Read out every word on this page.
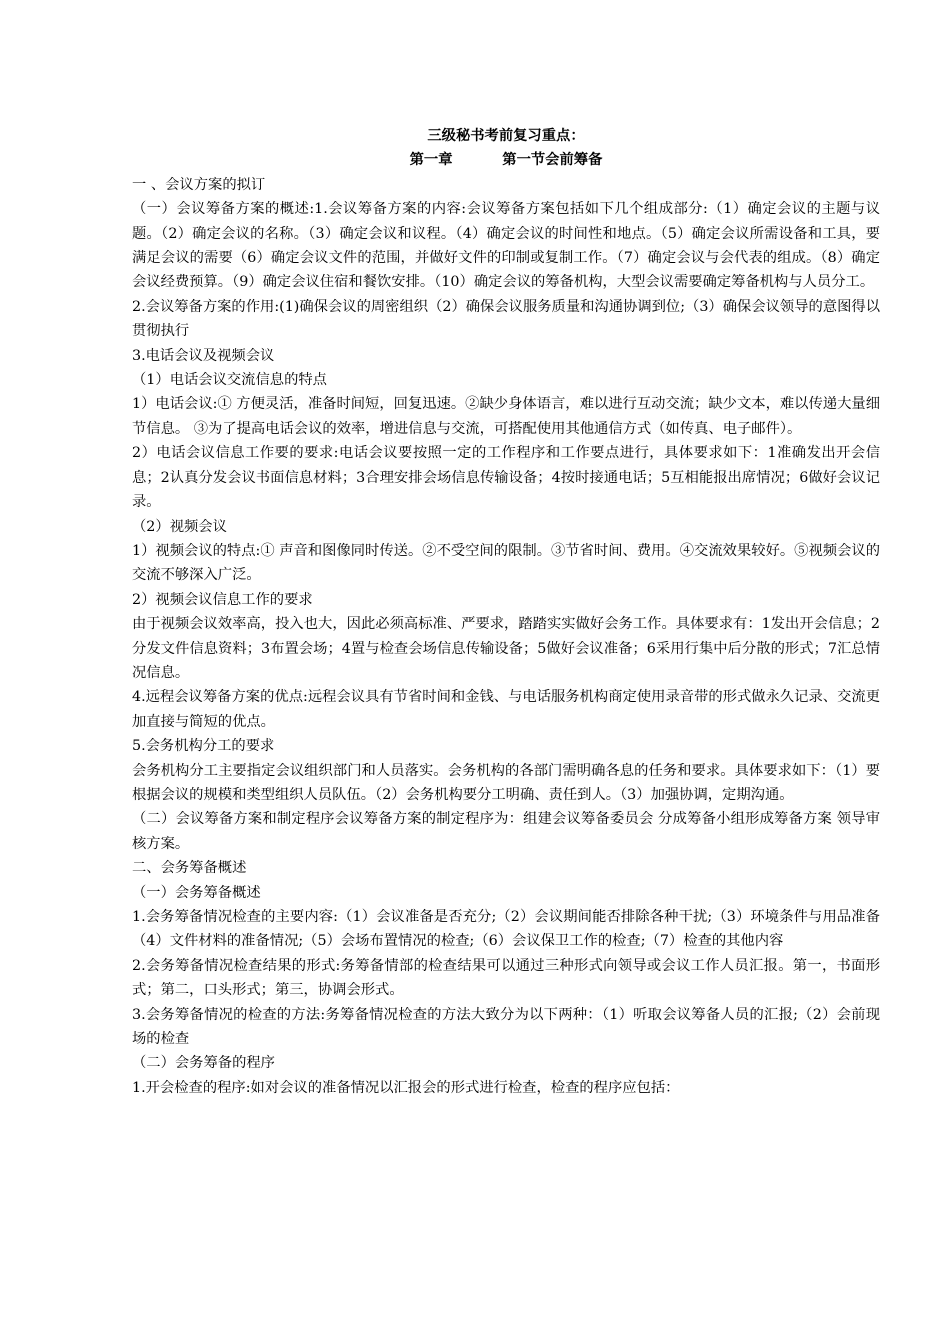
三级秘书考前复习重点：

第一章          第一节会前筹备

一 、会议方案的拟订

（一）会议筹备方案的概述:1.会议筹备方案的内容:会议筹备方案包括如下几个组成部分:（1）确定会议的主题与议题。（2）确定会议的名称。（3）确定会议和议程。（4）确定会议的时间性和地点。（5）确定会议所需设备和工具，要满足会议的需要（6）确定会议文件的范围，并做好文件的印制或复制工作。（7）确定会议与会代表的组成。（8）确定会议经费预算。（9）确定会议住宿和餐饮安排。（10）确定会议的筹备机构，大型会议需要确定筹备机构与人员分工。

2.会议筹备方案的作用:(1)确保会议的周密组织（2）确保会议服务质量和沟通协调到位;（3）确保会议领导的意图得以贯彻执行

3.电话会议及视频会议

（1）电话会议交流信息的特点

1）电话会议:① 方便灵活，准备时间短，回复迅速。②缺少身体语言，难以进行互动交流；缺少文本，难以传递大量细节信息。 ③为了提高电话会议的效率，增进信息与交流，可搭配使用其他通信方式（如传真、电子邮件）。

2）电话会议信息工作要的要求:电话会议要按照一定的工作程序和工作要点进行，具体要求如下：1准确发出开会信息；2认真分发会议书面信息材料；3合理安排会场信息传输设备；4按时接通电话；5互相能报出席情况；6做好会议记录。

（2）视频会议

1）视频会议的特点:① 声音和图像同时传送。②不受空间的限制。③节省时间、费用。④交流效果较好。⑤视频会议的交流不够深入广泛。

2）视频会议信息工作的要求

由于视频会议效率高，投入也大，因此必须高标准、严要求，踏踏实实做好会务工作。具体要求有：1发出开会信息；2分发文件信息资料；3布置会场；4置与检查会场信息传输设备；5做好会议准备；6采用行集中后分散的形式；7汇总情况信息。

4.远程会议筹备方案的优点:远程会议具有节省时间和金钱、与电话服务机构商定使用录音带的形式做永久记录、交流更加直接与简短的优点。

5.会务机构分工的要求

会务机构分工主要指定会议组织部门和人员落实。会务机构的各部门需明确各息的任务和要求。具体要求如下：（1）要根据会议的规模和类型组织人员队伍。（2）会务机构要分工明确、责任到人。（3）加强协调，定期沟通。

（二）会议筹备方案和制定程序会议筹备方案的制定程序为：组建会议筹备委员会 分成筹备小组形成筹备方案 领导审核方案。

二、会务筹备概述

（一）会务筹备概述

1.会务筹备情况检查的主要内容:（1）会议准备是否充分;（2）会议期间能否排除各种干扰;（3）环境条件与用品准备（4）文件材料的准备情况;（5）会场布置情况的检查;（6）会议保卫工作的检查;（7）检查的其他内容

2.会务筹备情况检查结果的形式:务筹备情部的检查结果可以通过三种形式向领导或会议工作人员汇报。第一，书面形式；第二，口头形式；第三，协调会形式。

3.会务筹备情况的检查的方法:务筹备情况检查的方法大致分为以下两种：（1）听取会议筹备人员的汇报;（2）会前现场的检查

（二）会务筹备的程序

1.开会检查的程序:如对会议的准备情况以汇报会的形式进行检查，检查的程序应包括：
